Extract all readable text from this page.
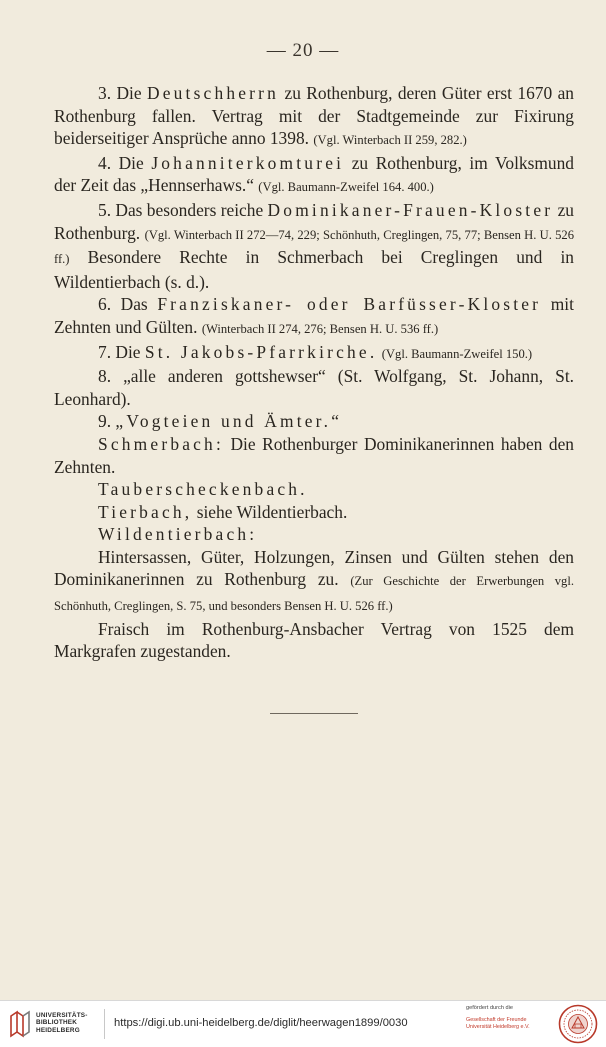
— 20 —

3. Die Deutschherrn zu Rothenburg, deren Güter erst 1670 an Rothenburg fallen. Vertrag mit der Stadtgemeinde zur Fixirung beiderseitiger Ansprüche anno 1398. (Vgl. Winterbach II 259, 282.)

4. Die Johanniterkomturei zu Rothenburg, im Volksmund der Zeit das „Hennserhaws.“ (Vgl. Baumann-Zweifel 164. 400.)

5. Das besonders reiche Dominikaner-Frauen-Kloster zu Rothenburg. (Vgl. Winterbach II 272—74, 229; Schönhuth, Creglingen, 75, 77; Bensen H. U. 526 ff.) Besondere Rechte in Schmerbach bei Creglingen und in Wildentierbach (s. d.).

6. Das Franziskaner- oder Barfüsser-Kloster mit Zehnten und Gülten. (Winterbach II 274, 276; Bensen H. U. 536 ff.)

7. Die St. Jakobs-Pfarrkirche. (Vgl. Baumann-Zweifel 150.)

8. „alle anderen gottshewser“ (St. Wolfgang, St. Johann, St. Leonhard).

9. „Vogteien und Ämter.“

Schmerbach: Die Rothenburger Dominikanerinnen haben den Zehnten.

Tauberscheckenbach.

Tierbach, siehe Wildentierbach.

Wildentierbach:

Hintersassen, Güter, Holzungen, Zinsen und Gülten stehen den Dominikanerinnen zu Rothenburg zu. (Zur Geschichte der Erwerbungen vgl. Schönhuth, Creglingen, S. 75, und besonders Bensen H. U. 526 ff.)

Fraisch im Rothenburg-Ansbacher Vertrag von 1525 dem Markgrafen zugestanden.

UNIVERSITÄTS-
BIBLIOTHEK
HEIDELBERG
https://digi.ub.uni-heidelberg.de/diglit/heerwagen1899/0030
gefördert durch die
Gesellschaft der Freunde
Universität Heidelberg e.V.
